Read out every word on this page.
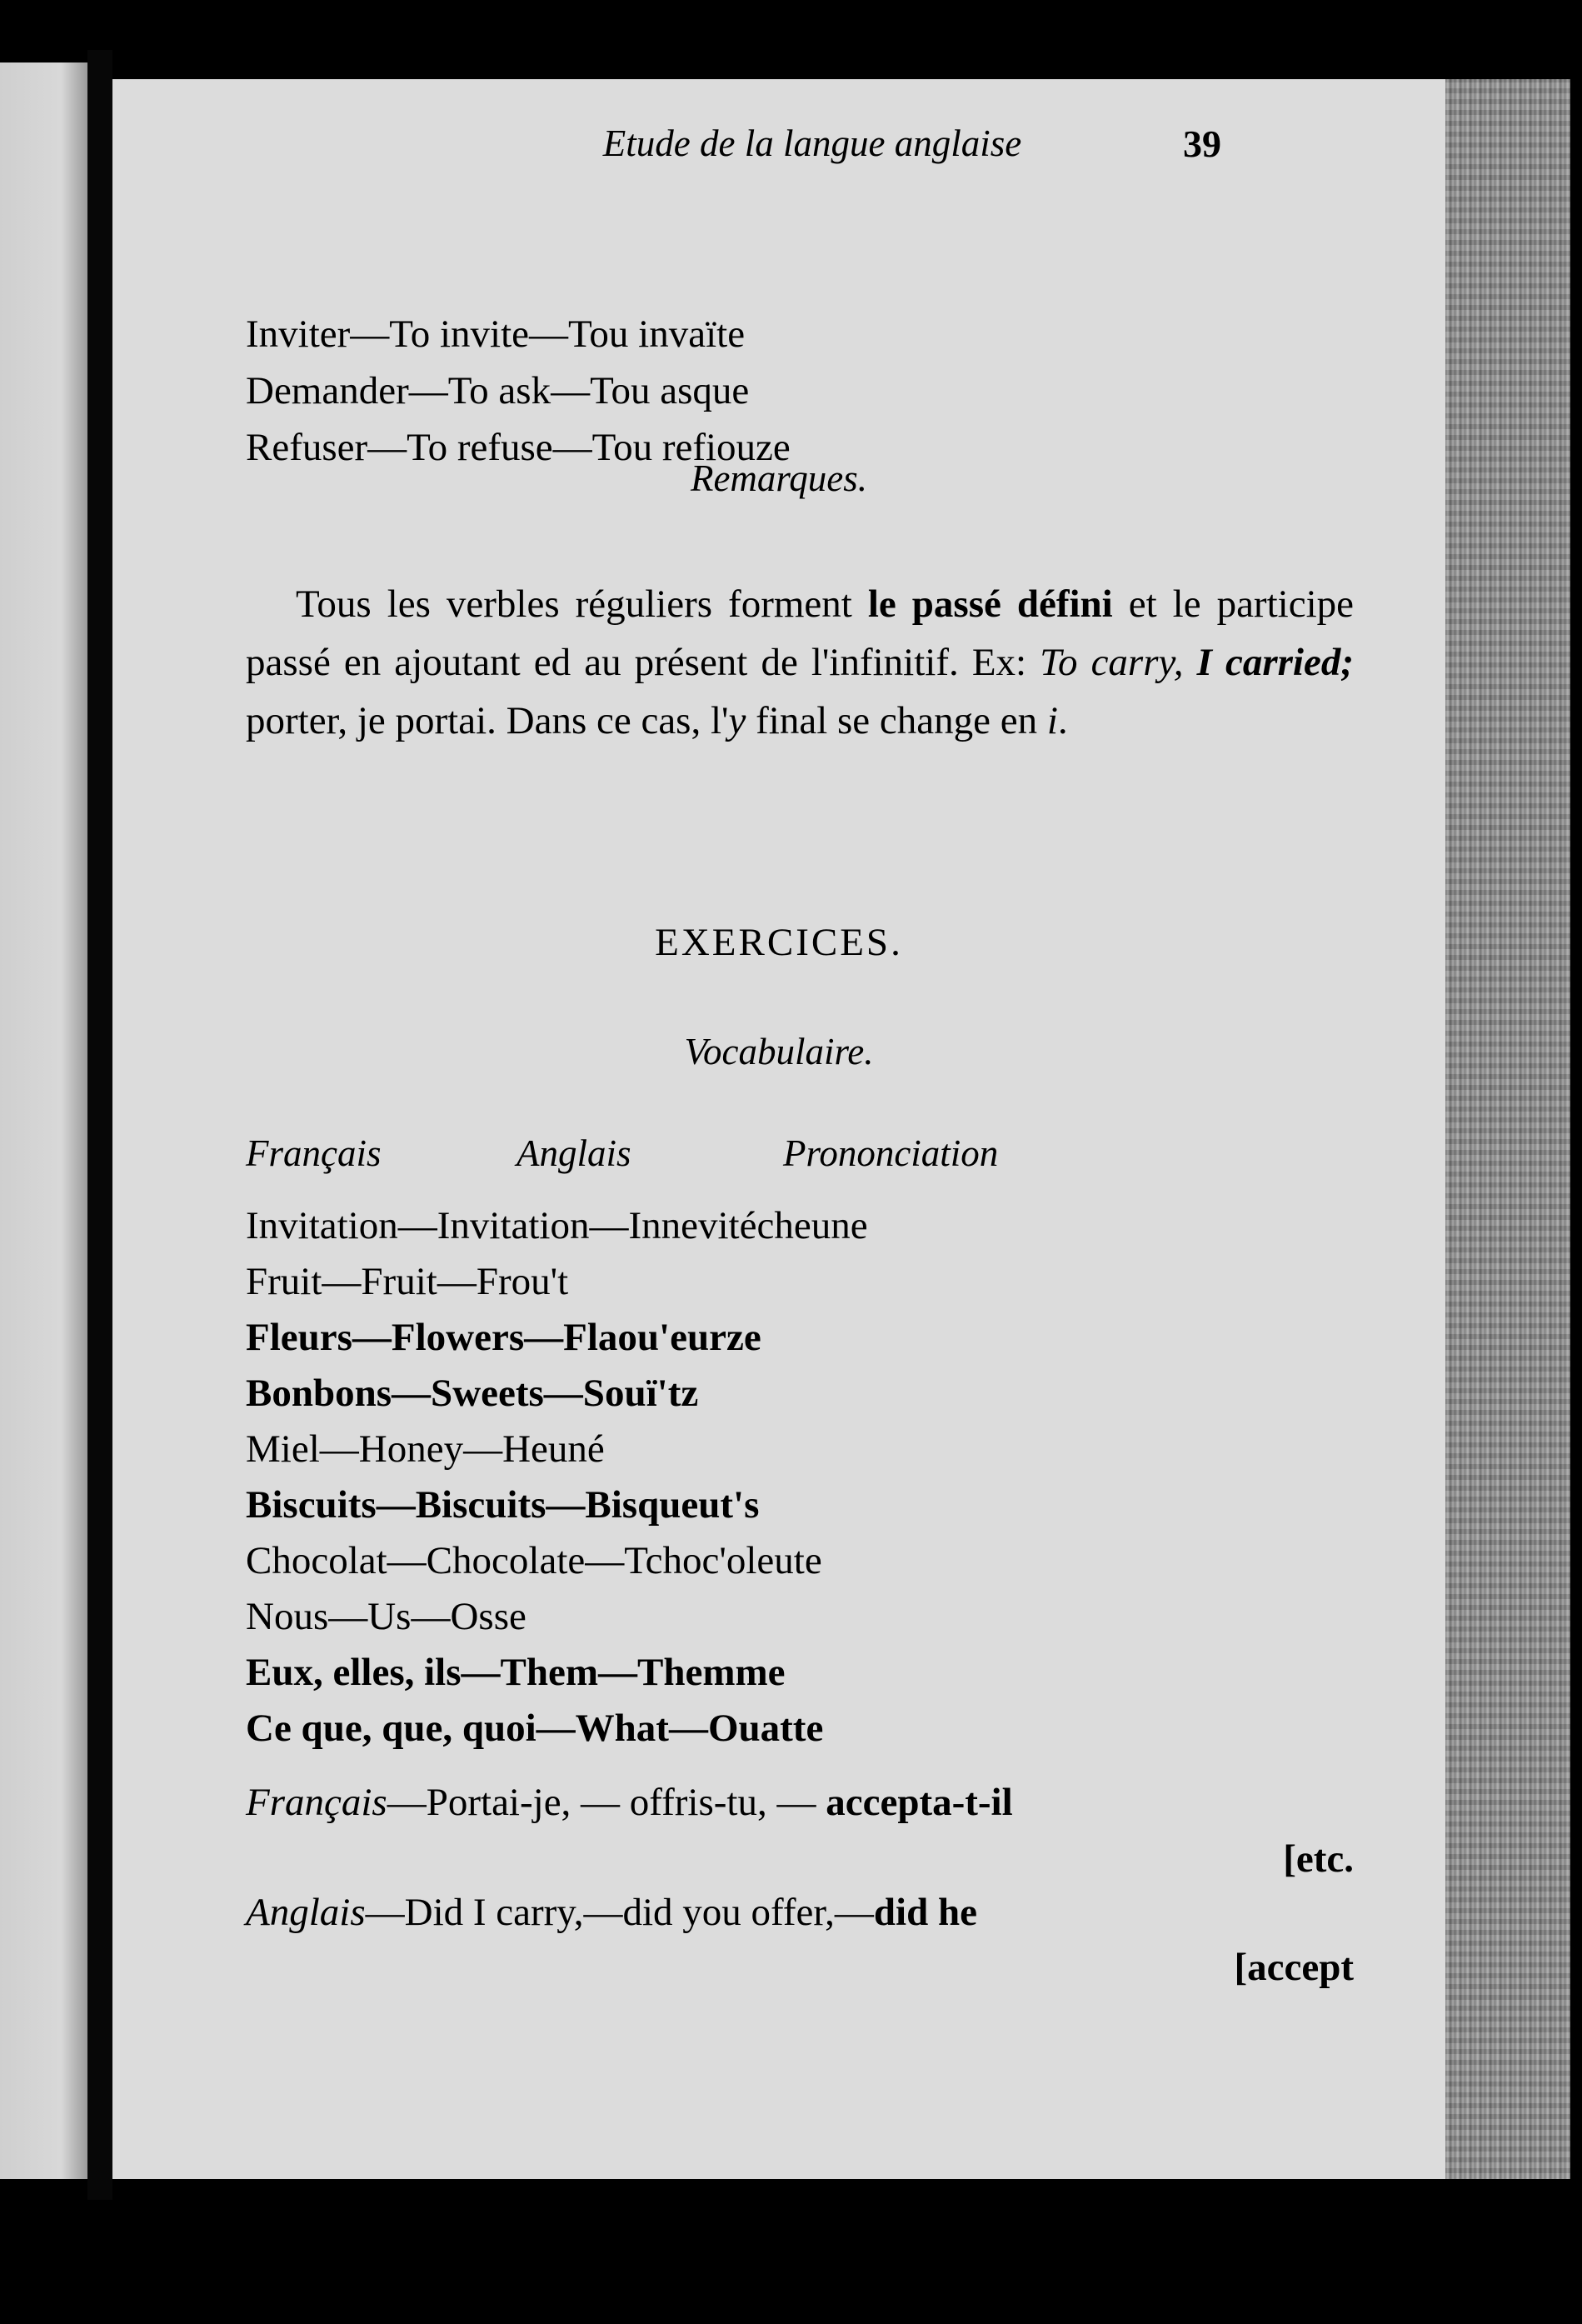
Etude de la langue anglaise	39
Inviter—To invite—Tou invaïte
Demander—To ask—Tou asque
Refuser—To refuse—Tou refiouze
Remarques.

Tous les verbles réguliers forment le passé défini et le participe passé en ajoutant ed au présent de l'infinitif. Ex: To carry, I carried; porter, je portai. Dans ce cas, l'y final se change en i.

EXERCICES.
Vocabulaire.
Français	Anglais	Prononciation
Invitation—Invitation—Innevitécheune
Fruit—Fruit—Frou't
Fleurs—Flowers—Flaou'eurze
Bonbons—Sweets—Souï'tz
Miel—Honey—Heuné
Biscuits—Biscuits—Bisqueut's
Chocolat—Chocolate—Tchoc'oleute
Nous—Us—Osse
Eux, elles, ils—Them—Themme
Ce que, que, quoi—What—Ouatte
Français—Portai-je, — offris-tu, — accepta-t-il
[etc.
Anglais—Did I carry,—did you offer,—did he
[accept
